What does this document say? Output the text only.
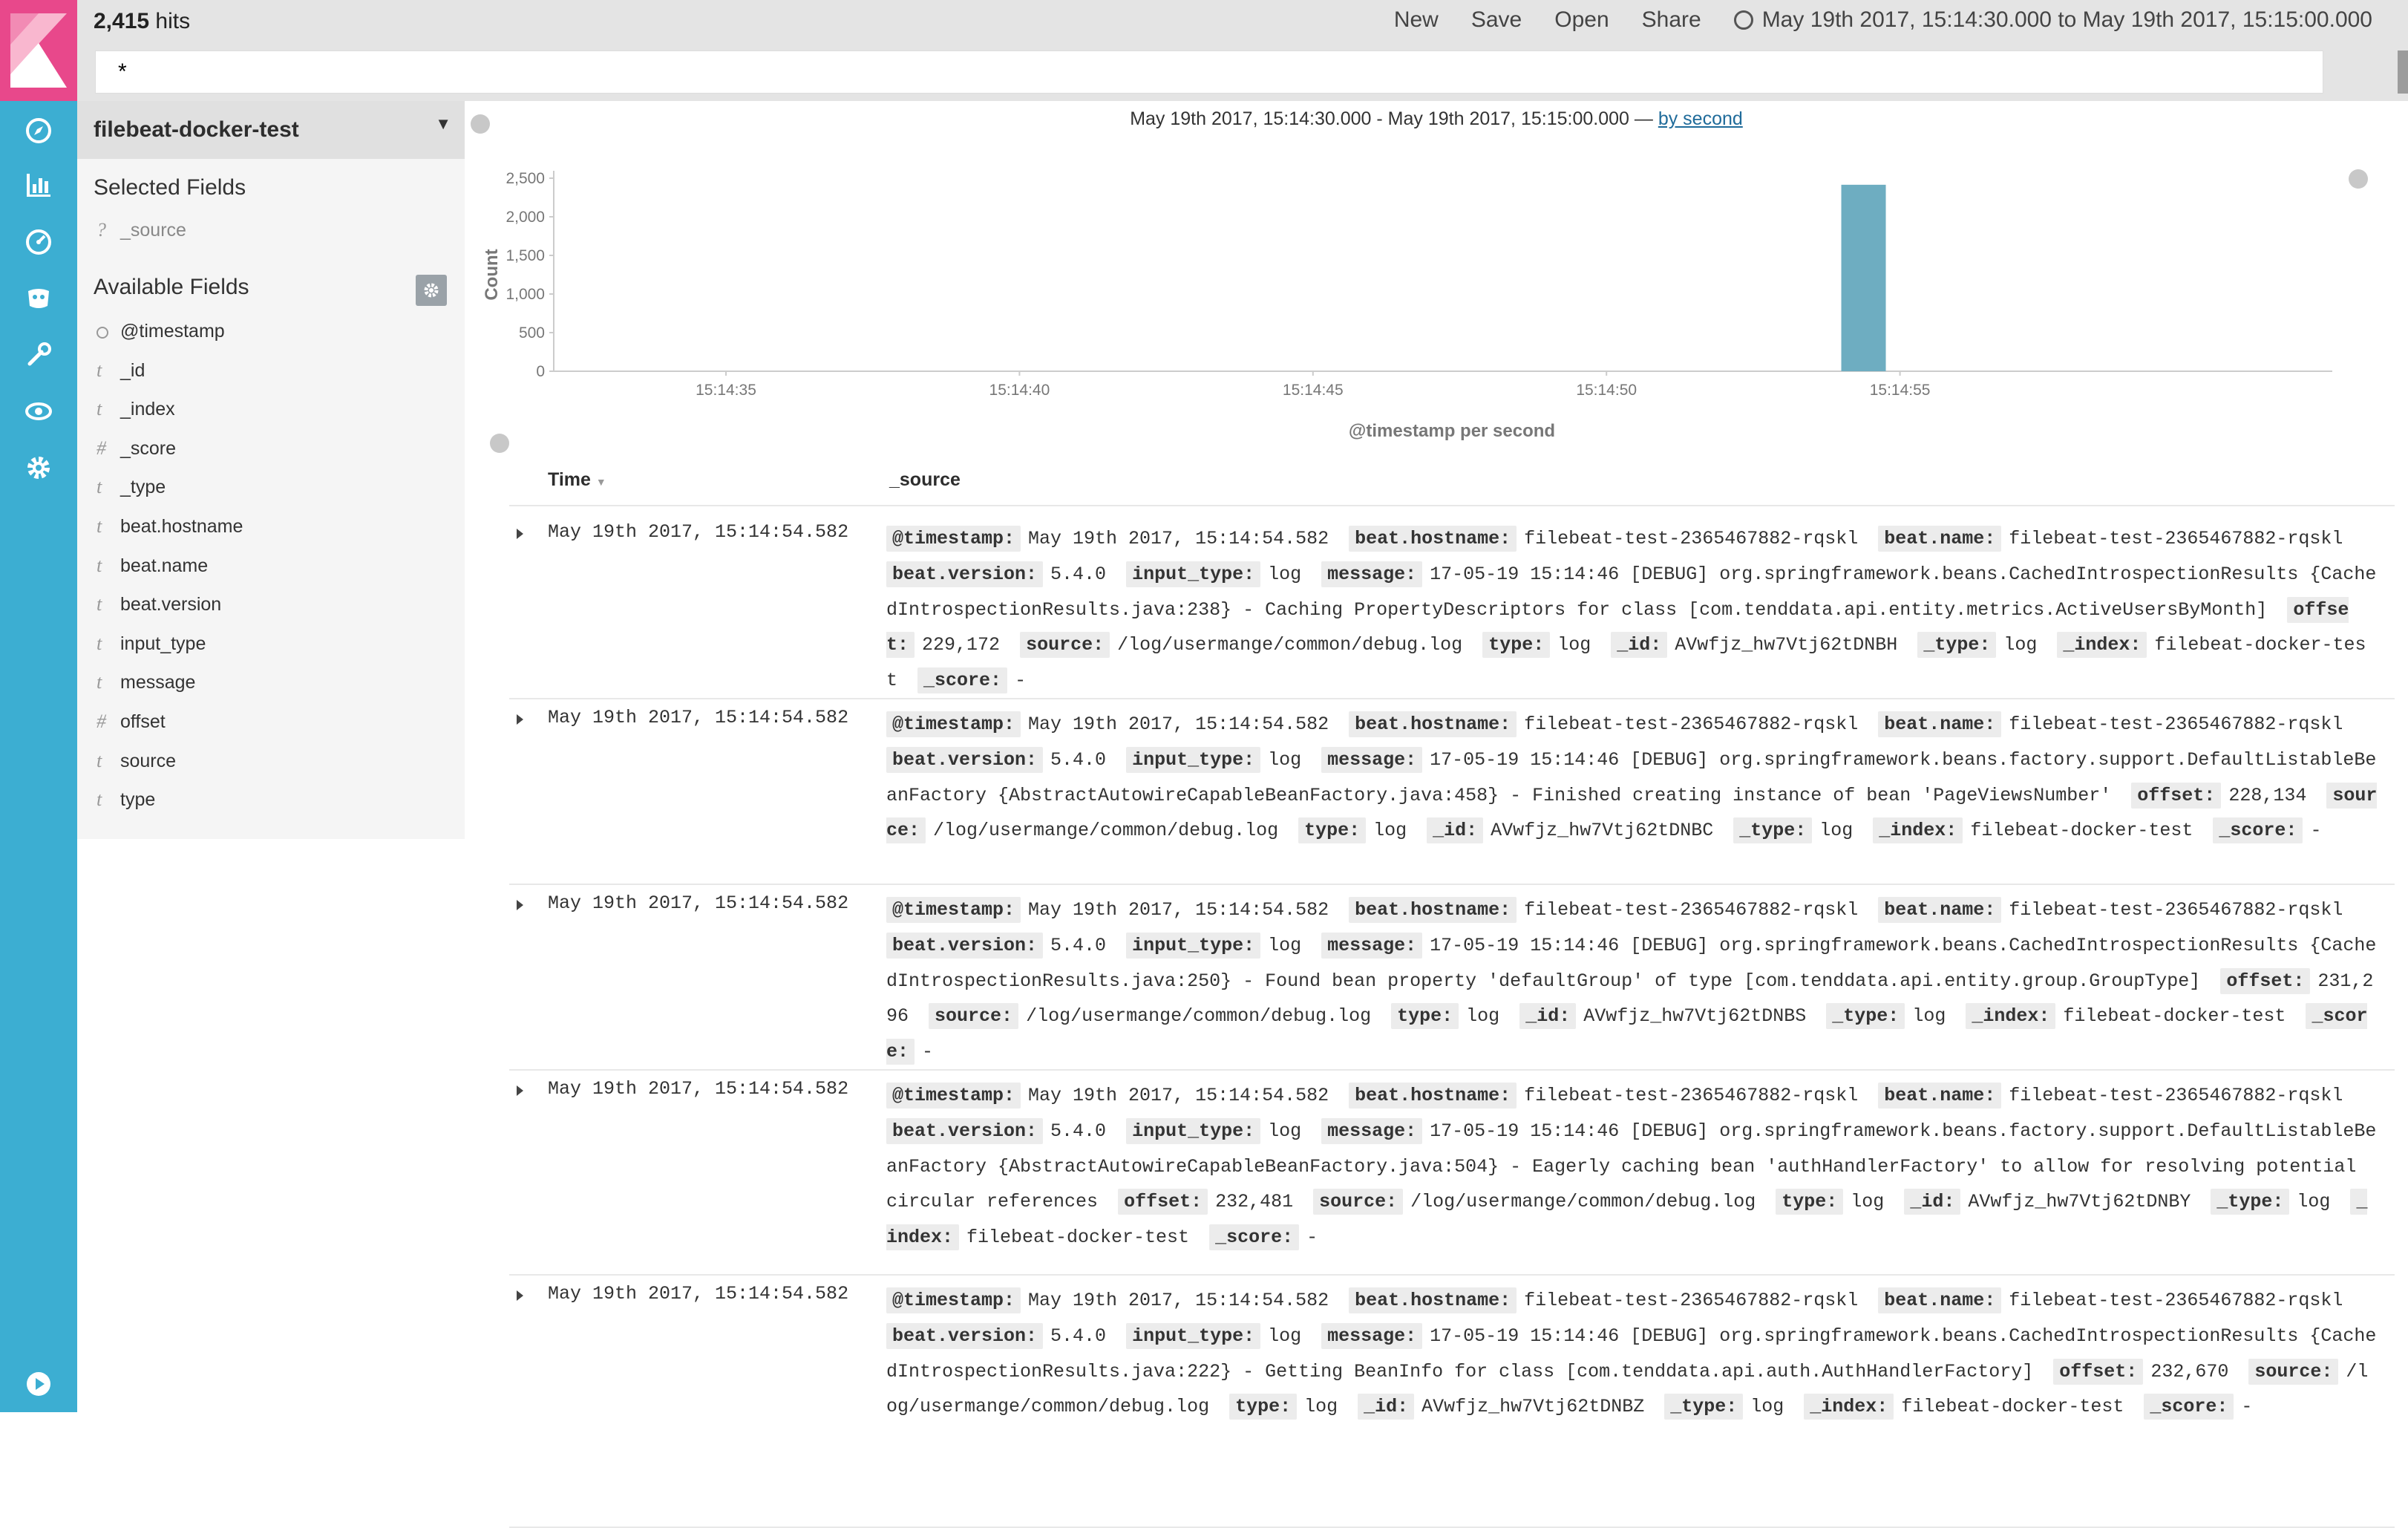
2,415 hits	New Save Open Share	May 19th 2017, 15:14:30.000 to May 19th 2017, 15:15:00.000
*
filebeat-docker-test	▼
Selected Fields
Available Fields
? _source
@timestamp
t _id
t _index
# _score
t _type
t beat.hostname
t beat.name
t beat.version
t input_type
t message
# offset
t source
t type
May 19th 2017, 15:14:30.000 - May 19th 2017, 15:15:00.000 — by second
0
500
1,000
1,500
2,000
2,500
15:14:35	15:14:40	15:14:45	15:14:50	15:14:55
Count
@timestamp per second
Time ▼	_source
May 19th 2017, 15:14:54.582	@timestamp: May 19th 2017, 15:14:54.582 beat.hostname: filebeat-test-2365467882-rqskl beat.name: filebeat-test-2365467882-rqskl beat.version: 5.4.0 input_type: log message: 17-05-19 15:14:46 [DEBUG] org.springframework.beans.CachedIntrospectionResults {CachedIntrospectionResults.java:238} - Caching PropertyDescriptors for class [com.tenddata.api.entity.metrics.ActiveUsersByMonth] offset: 229,172 source: /log/usermange/common/debug.log type: log _id: AVwfjz_hw7Vtj62tDNBH _type: log _index: filebeat-docker-test _score: -
May 19th 2017, 15:14:54.582	@timestamp: May 19th 2017, 15:14:54.582 beat.hostname: filebeat-test-2365467882-rqskl beat.name: filebeat-test-2365467882-rqskl beat.version: 5.4.0 input_type: log message: 17-05-19 15:14:46 [DEBUG] org.springframework.beans.factory.support.DefaultListableBeanFactory {AbstractAutowireCapableBeanFactory.java:458} - Finished creating instance of bean 'PageViewsNumber' offset: 228,134 source: /log/usermange/common/debug.log type: log _id: AVwfjz_hw7Vtj62tDNBC _type: log _index: filebeat-docker-test _score: -
May 19th 2017, 15:14:54.582	@timestamp: May 19th 2017, 15:14:54.582 beat.hostname: filebeat-test-2365467882-rqskl beat.name: filebeat-test-2365467882-rqskl beat.version: 5.4.0 input_type: log message: 17-05-19 15:14:46 [DEBUG] org.springframework.beans.CachedIntrospectionResults {CachedIntrospectionResults.java:250} - Found bean property 'defaultGroup' of type [com.tenddata.api.entity.group.GroupType] offset: 231,296 source: /log/usermange/common/debug.log type: log _id: AVwfjz_hw7Vtj62tDNBS _type: log _index: filebeat-docker-test _score: -
May 19th 2017, 15:14:54.582	@timestamp: May 19th 2017, 15:14:54.582 beat.hostname: filebeat-test-2365467882-rqskl beat.name: filebeat-test-2365467882-rqskl beat.version: 5.4.0 input_type: log message: 17-05-19 15:14:46 [DEBUG] org.springframework.beans.factory.support.DefaultListableBeanFactory {AbstractAutowireCapableBeanFactory.java:504} - Eagerly caching bean 'authHandlerFactory' to allow for resolving potential circular references offset: 232,481 source: /log/usermange/common/debug.log type: log _id: AVwfjz_hw7Vtj62tDNBY _type: log _index: filebeat-docker-test _score: -
May 19th 2017, 15:14:54.582	@timestamp: May 19th 2017, 15:14:54.582 beat.hostname: filebeat-test-2365467882-rqskl beat.name: filebeat-test-2365467882-rqskl beat.version: 5.4.0 input_type: log message: 17-05-19 15:14:46 [DEBUG] org.springframework.beans.CachedIntrospectionResults {CachedIntrospectionResults.java:222} - Getting BeanInfo for class [com.tenddata.api.auth.AuthHandlerFactory] offset: 232,670 source: /log/usermange/common/debug.log type: log _id: AVwfjz_hw7Vtj62tDNBZ _type: log _index: filebeat-docker-test _score: -
